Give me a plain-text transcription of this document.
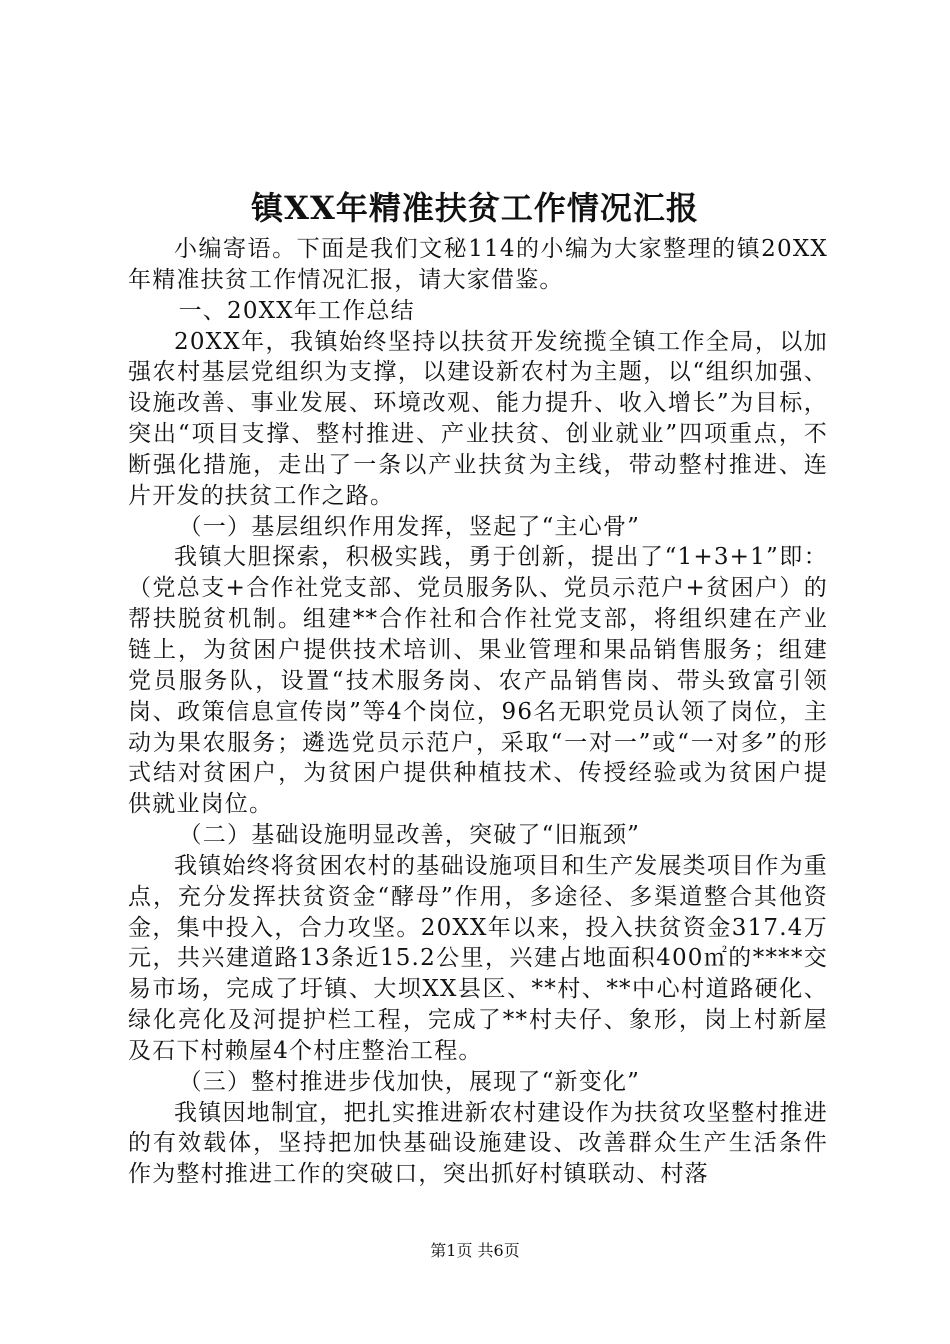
镇XX年精准扶贫工作情况汇报

小编寄语。下面是我们文秘114的小编为大家整理的镇20XX年精准扶贫工作情况汇报，请大家借鉴。

一、20XX年工作总结

20XX年，我镇始终坚持以扶贫开发统揽全镇工作全局，以加强农村基层党组织为支撑，以建设新农村为主题，以“组织加强、设施改善、事业发展、环境改观、能力提升、收入增长”为目标，突出“项目支撑、整村推进、产业扶贫、创业就业”四项重点，不断强化措施，走出了一条以产业扶贫为主线，带动整村推进、连片开发的扶贫工作之路。

（一）基层组织作用发挥，竖起了“主心骨”

我镇大胆探索，积极实践，勇于创新，提出了“1+3+1”即：（党总支+合作社党支部、党员服务队、党员示范户+贫困户）的帮扶脱贫机制。组建**合作社和合作社党支部，将组织建在产业链上，为贫困户提供技术培训、果业管理和果品销售服务；组建党员服务队，设置“技术服务岗、农产品销售岗、带头致富引领岗、政策信息宣传岗”等4个岗位，96名无职党员认领了岗位，主动为果农服务；遴选党员示范户，采取“一对一”或“一对多”的形式结对贫困户，为贫困户提供种植技术、传授经验或为贫困户提供就业岗位。

（二）基础设施明显改善，突破了“旧瓶颈”

我镇始终将贫困农村的基础设施项目和生产发展类项目作为重点，充分发挥扶贫资金“酵母”作用，多途径、多渠道整合其他资金，集中投入，合力攻坚。20XX年以来，投入扶贫资金317.4万元，共兴建道路13条近15.2公里，兴建占地面积400㎡的****交易市场，完成了圩镇、大坝XX县区、**村、**中心村道路硬化、绿化亮化及河提护栏工程，完成了**村夫仔、象形，岗上村新屋及石下村赖屋4个村庄整治工程。

（三）整村推进步伐加快，展现了“新变化”

我镇因地制宜，把扎实推进新农村建设作为扶贫攻坚整村推进的有效载体，坚持把加快基础设施建设、改善群众生产生活条件作为整村推进工作的突破口，突出抓好村镇联动、村落

第1页 共6页
